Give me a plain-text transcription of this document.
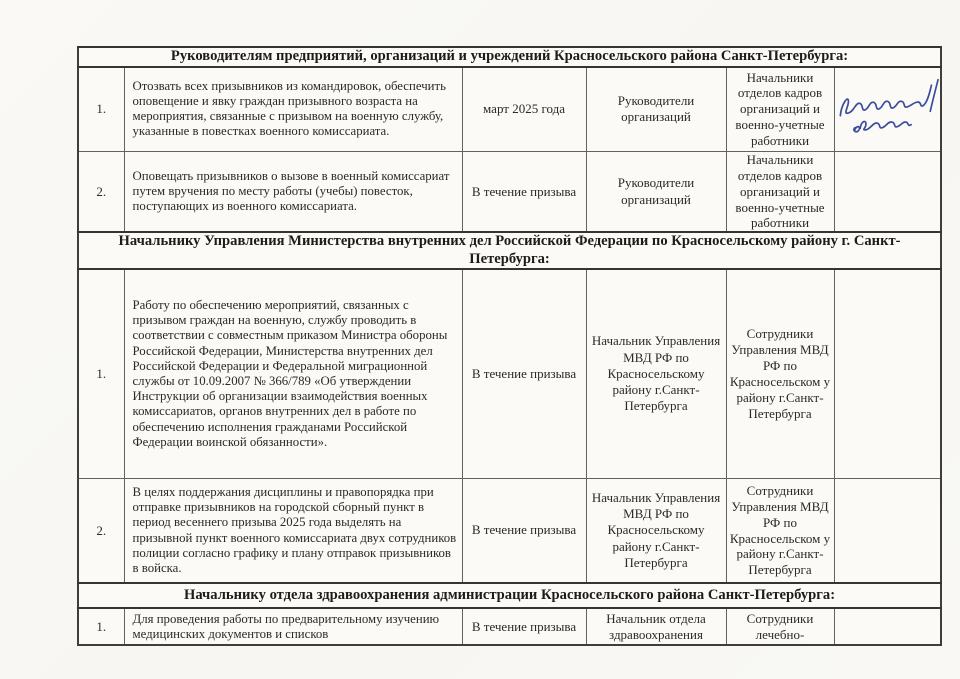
Руководителям предприятий, организаций и учреждений Красносельского района Санкт-Петербурга:					
1.	Отозвать всех призывников из командировок, обеспечить оповещение и явку граждан призывного возраста на мероприятия, связанные с призывом на военную службу, указанные в повестках военного комиссариата.	март 2025 года	Руководители организаций	Начальники отделов кадров организаций и военно-учетные работники	

2.	Оповещать призывников о вызове в военный комиссариат путем вручения по месту работы (учебы) повесток, поступающих из военного комиссариата.	В течение призыва	Руководители организаций	Начальники отделов кадров организаций и военно-учетные работники	
Начальнику Управления Министерства внутренних дел Российской Федерации по Красносельскому району г. Санкт-Петербурга:					
1.	Работу по обеспечению мероприятий, связанных с призывом граждан на военную, службу проводить в соответствии с совместным приказом Министра обороны Российской Федерации, Министерства внутренних дел Российской Федерации и Федеральной миграционной службы от 10.09.2007 № 366/789 «Об утверждении Инструкции об организации взаимодействия военных комиссариатов, органов внутренних дел в работе по обеспечению исполнения гражданами Российской Федерации воинской обязанности».	В течение призыва	Начальник Управления МВД РФ по Красносельскому району г.Санкт-Петербурга	Сотрудники Управления МВД РФ по Красносельском у району г.Санкт-Петербурга	
2.	В целях поддержания дисциплины и правопорядка при отправке призывников на городской сборный пункт в период весеннего призыва 2025 года выделять на призывной пункт военного комиссариата двух сотрудников полиции согласно графику и плану отправок призывников в войска.	В течение призыва	Начальник Управления МВД РФ по Красносельскому району г.Санкт-Петербурга	Сотрудники Управления МВД РФ по Красносельском у району г.Санкт-Петербурга	
Начальнику отдела здравоохранения администрации Красносельского района Санкт-Петербурга:					
1.	Для проведения работы по предварительному изучению медицинских документов и списков	В течение призыва	Начальник отдела здравоохранения	Сотрудники лечебно-	
